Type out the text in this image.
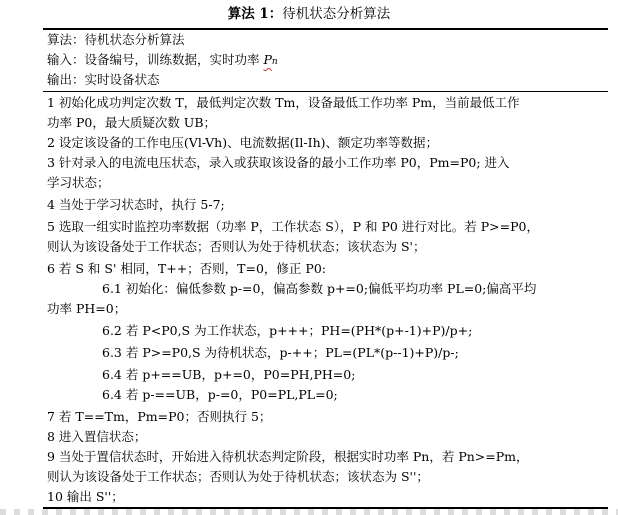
算法 1：待机状态分析算法
算法：待机状态分析算法
输入：设备编号，训练数据，实时功率 Pn
输出：实时设备状态
1 初始化成功判定次数 T，最低判定次数 Tm，设备最低工作功率 Pm，当前最低工作
功率 P0，最大质疑次数 UB；
2 设定该设备的工作电压(Vl-Vh)、电流数据(Il-Ih)、额定功率等数据；
3 针对录入的电流电压状态，录入或获取该设备的最小工作功率 P0，Pm=P0; 进入
学习状态；
4 当处于学习状态时，执行 5-7;
5 选取一组实时监控功率数据（功率 P，工作状态 S），P 和 P0 进行对比。若 P>=P0，
则认为该设备处于工作状态；否则认为处于待机状态；该状态为 S'；
6 若 S 和 S' 相同，T++；否则，T=0，修正 P0:
6.1 初始化：偏低参数 p-=0，偏高参数 p+=0;偏低平均功率 PL=0;偏高平均
功率 PH=0；
6.2 若 P<P0,S 为工作状态，p+++；PH=(PH*(p+-1)+P)/p+;
6.3 若 P>=P0,S 为待机状态，p-++；PL=(PL*(p--1)+P)/p-;
6.4 若 p+==UB，p+=0，P0=PH,PH=0;
6.4 若 p-==UB，p-=0，P0=PL,PL=0;
7 若 T==Tm，Pm=P0；否则执行 5；
8 进入置信状态；
9 当处于置信状态时，开始进入待机状态判定阶段，根据实时功率 Pn，若 Pn>=Pm，
则认为该设备处于工作状态；否则认为处于待机状态；该状态为 S''；
10 输出 S''；
